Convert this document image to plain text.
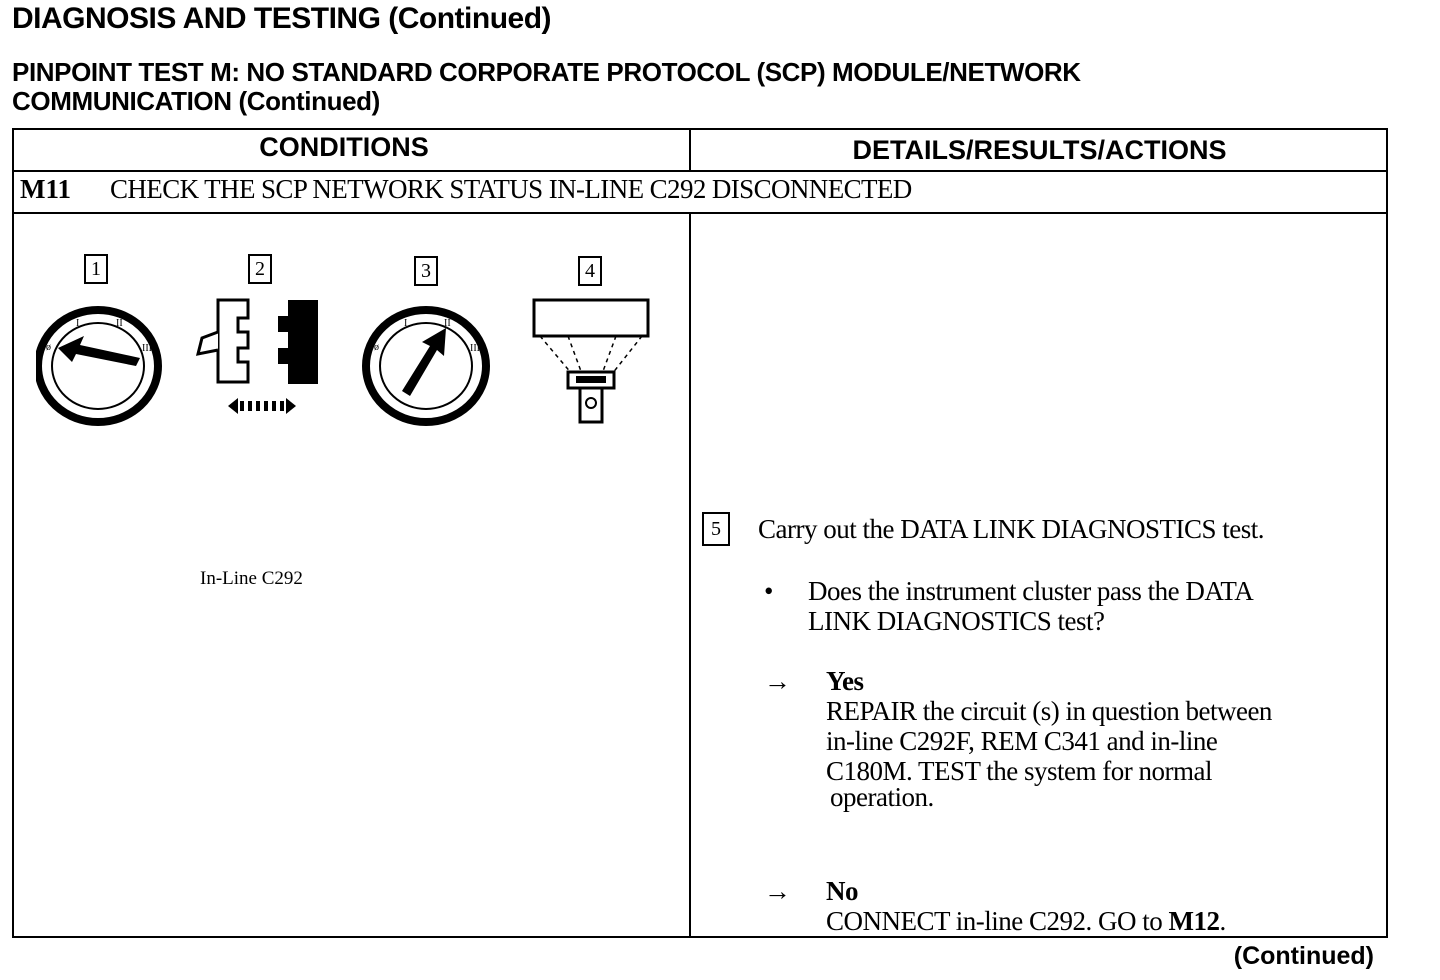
DIAGNOSIS AND TESTING (Continued)
PINPOINT TEST M: NO STANDARD CORPORATE PROTOCOL (SCP) MODULE/NETWORK
COMMUNICATION (Continued)
CONDITIONS	DETAILS/RESULTS/ACTIONS
M11 CHECK THE SCP NETWORK STATUS IN-LINE C292 DISCONNECTED
1
ø
I	II
III
2
In-Line C292
3
ø
I	II
III
4
5	Carry out the DATA LINK DIAGNOSTICS test.
• Does the instrument cluster pass the DATA
LINK DIAGNOSTICS test?
→ Yes
REPAIR the circuit (s) in question between
in-line C292F, REM C341 and in-line
C180M. TEST the system for normal
operation.
→ No
CONNECT in-line C292. GO to M12.
(Continued)
